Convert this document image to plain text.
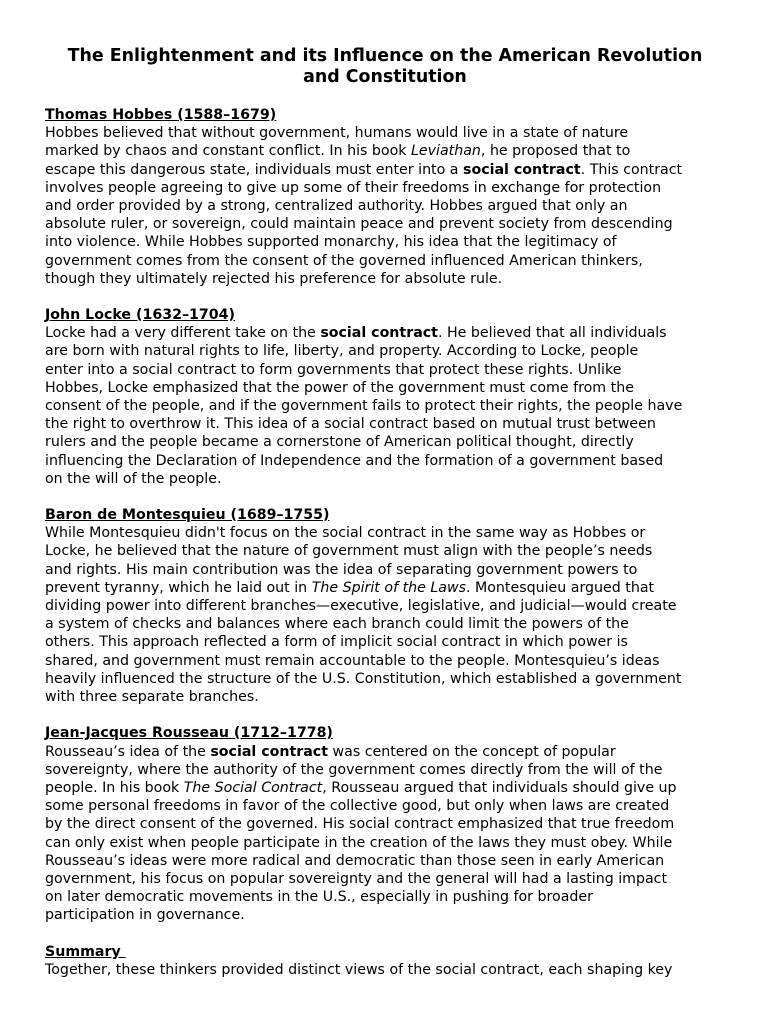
The Enlightenment and its Influence on the American Revolution
and Constitution
Thomas Hobbes (1588–1679)
Hobbes believed that without government, humans would live in a state of nature
marked by chaos and constant conflict. In his book Leviathan, he proposed that to
escape this dangerous state, individuals must enter into a social contract. This contract
involves people agreeing to give up some of their freedoms in exchange for protection
and order provided by a strong, centralized authority. Hobbes argued that only an
absolute ruler, or sovereign, could maintain peace and prevent society from descending
into violence. While Hobbes supported monarchy, his idea that the legitimacy of
government comes from the consent of the governed influenced American thinkers,
though they ultimately rejected his preference for absolute rule.
John Locke (1632–1704)
Locke had a very different take on the social contract. He believed that all individuals
are born with natural rights to life, liberty, and property. According to Locke, people
enter into a social contract to form governments that protect these rights. Unlike
Hobbes, Locke emphasized that the power of the government must come from the
consent of the people, and if the government fails to protect their rights, the people have
the right to overthrow it. This idea of a social contract based on mutual trust between
rulers and the people became a cornerstone of American political thought, directly
influencing the Declaration of Independence and the formation of a government based
on the will of the people.
Baron de Montesquieu (1689–1755)
While Montesquieu didn't focus on the social contract in the same way as Hobbes or
Locke, he believed that the nature of government must align with the people’s needs
and rights. His main contribution was the idea of separating government powers to
prevent tyranny, which he laid out in The Spirit of the Laws. Montesquieu argued that
dividing power into different branches—executive, legislative, and judicial—would create
a system of checks and balances where each branch could limit the powers of the
others. This approach reflected a form of implicit social contract in which power is
shared, and government must remain accountable to the people. Montesquieu’s ideas
heavily influenced the structure of the U.S. Constitution, which established a government
with three separate branches.
Jean-Jacques Rousseau (1712–1778)
Rousseau’s idea of the social contract was centered on the concept of popular
sovereignty, where the authority of the government comes directly from the will of the
people. In his book The Social Contract, Rousseau argued that individuals should give up
some personal freedoms in favor of the collective good, but only when laws are created
by the direct consent of the governed. His social contract emphasized that true freedom
can only exist when people participate in the creation of the laws they must obey. While
Rousseau’s ideas were more radical and democratic than those seen in early American
government, his focus on popular sovereignty and the general will had a lasting impact
on later democratic movements in the U.S., especially in pushing for broader
participation in governance.
Summary
Together, these thinkers provided distinct views of the social contract, each shaping key
